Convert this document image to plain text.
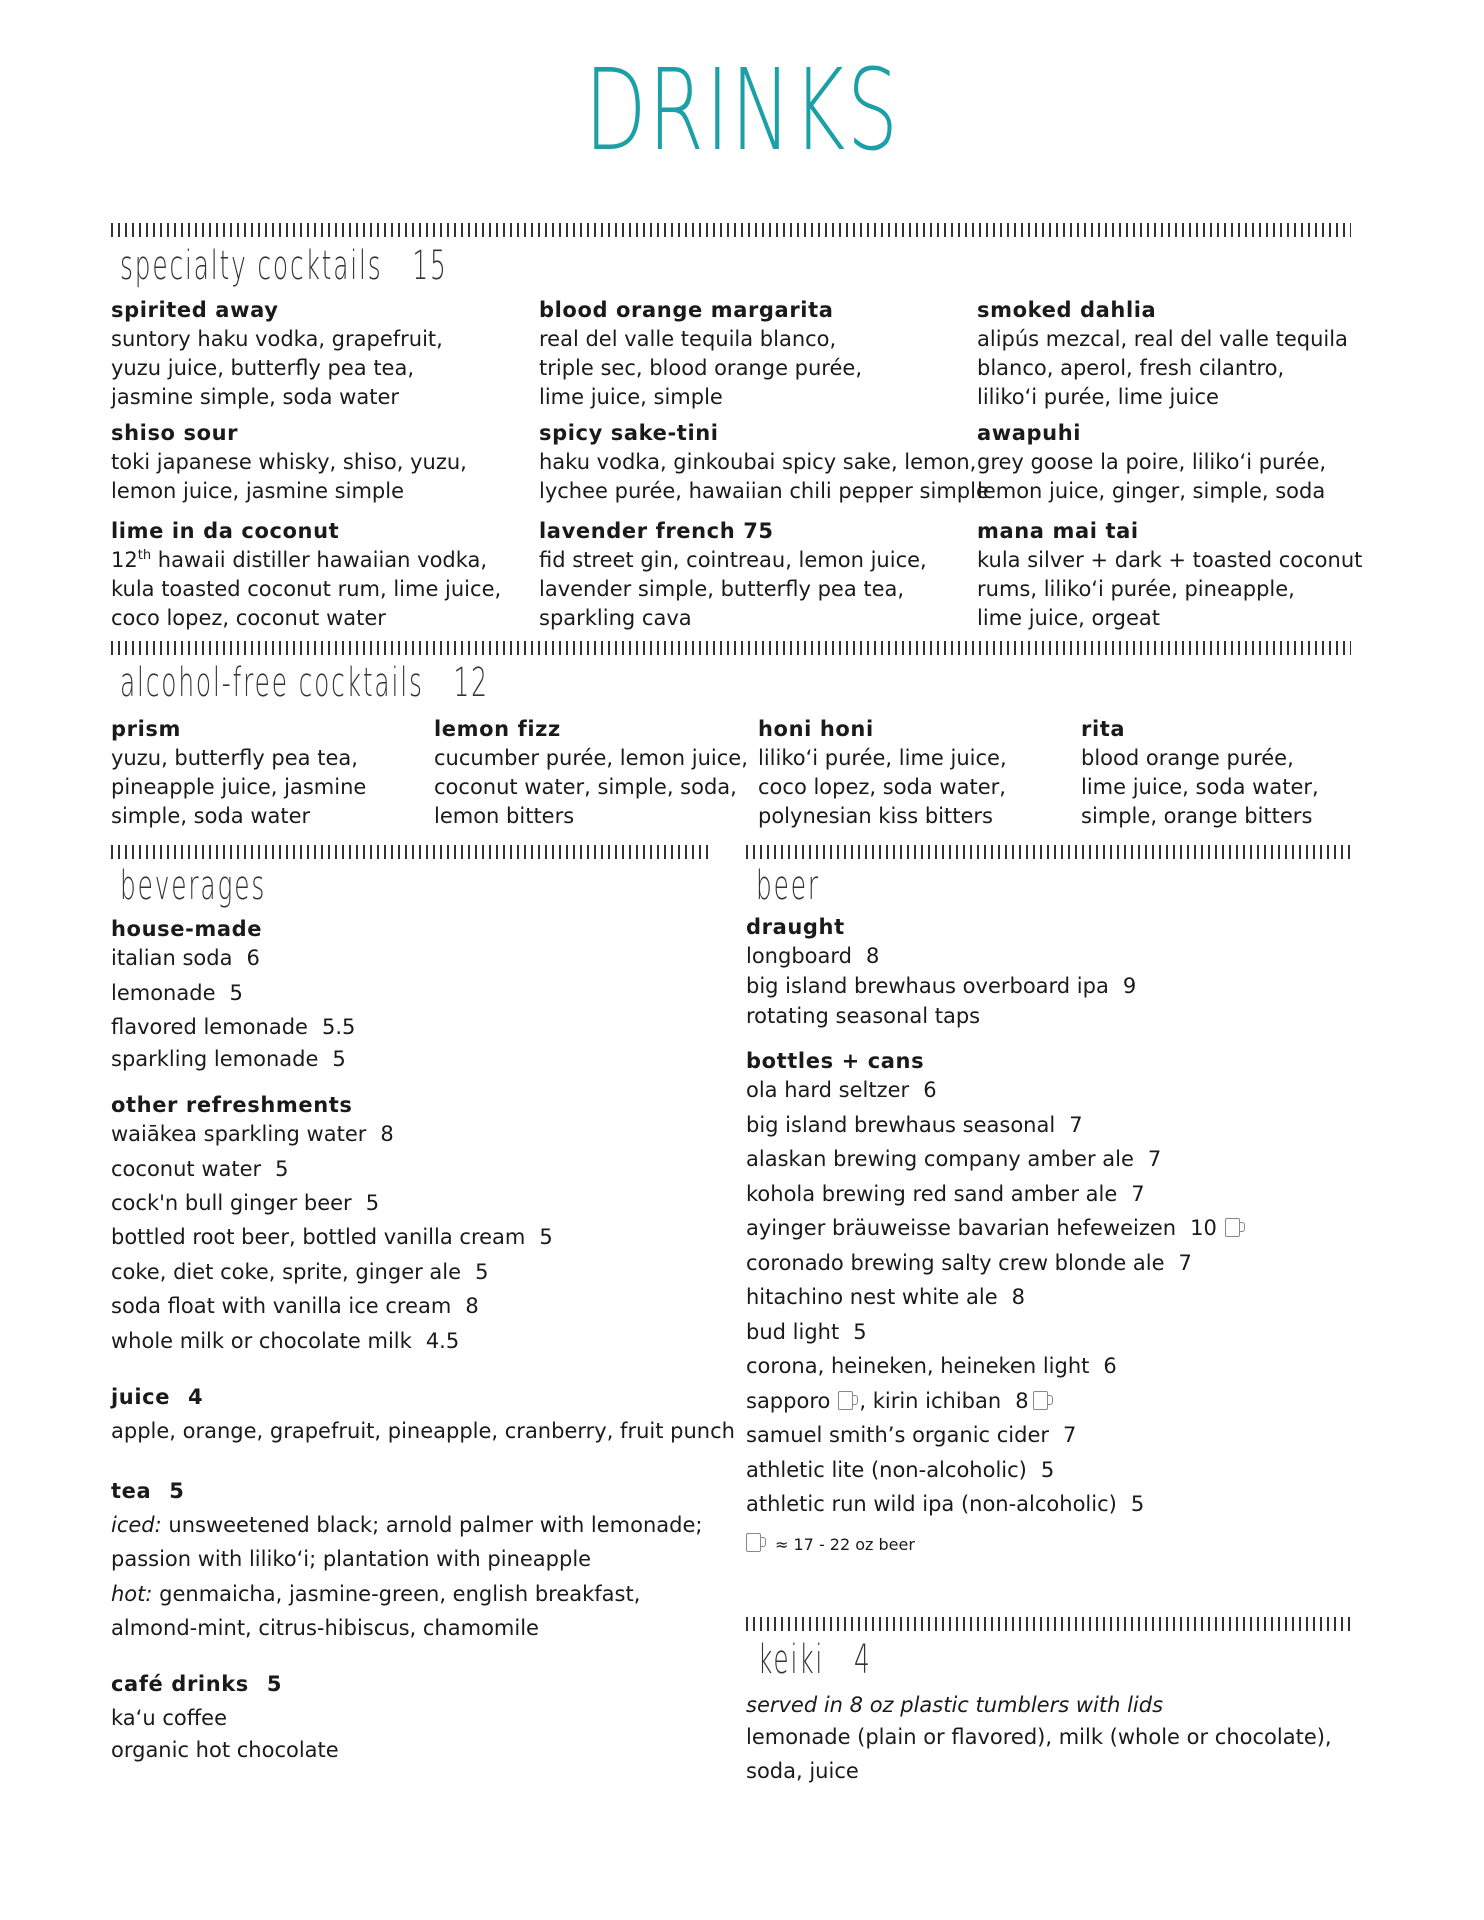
DRINKS
specialty cocktails 15
spirited away
suntory haku vodka, grapefruit,
yuzu juice, butterfly pea tea,
jasmine simple, soda water
blood orange margarita
real del valle tequila blanco,
triple sec, blood orange purée,
lime juice, simple
smoked dahlia
alipús mezcal, real del valle tequila
blanco, aperol, fresh cilantro,
liliko‘i purée, lime juice
shiso sour
toki japanese whisky, shiso, yuzu,
lemon juice, jasmine simple
spicy sake-tini
haku vodka, ginkoubai spicy sake, lemon,
lychee purée, hawaiian chili pepper simple
awapuhi
grey goose la poire, liliko‘i purée,
lemon juice, ginger, simple, soda
lime in da coconut
12th hawaii distiller hawaiian vodka,
kula toasted coconut rum, lime juice,
coco lopez, coconut water
lavender french 75
fid street gin, cointreau, lemon juice,
lavender simple, butterfly pea tea,
sparkling cava
mana mai tai
kula silver + dark + toasted coconut
rums, liliko‘i purée, pineapple,
lime juice, orgeat
alcohol-free cocktails 12
prism
yuzu, butterfly pea tea,
pineapple juice, jasmine
simple, soda water
lemon fizz
cucumber purée, lemon juice,
coconut water, simple, soda,
lemon bitters
honi honi
liliko‘i purée, lime juice,
coco lopez, soda water,
polynesian kiss bitters
rita
blood orange purée,
lime juice, soda water,
simple, orange bitters
beverages	beer
house-made
italian soda 6
lemonade 5
flavored lemonade 5.5
sparkling lemonade 5
other refreshments
waiākea sparkling water 8
coconut water 5
cock'n bull ginger beer 5
bottled root beer, bottled vanilla cream 5
coke, diet coke, sprite, ginger ale 5
soda float with vanilla ice cream 8
whole milk or chocolate milk 4.5
juice 4
apple, orange, grapefruit, pineapple, cranberry, fruit punch
tea 5
iced: unsweetened black; arnold palmer with lemonade;
passion with liliko‘i; plantation with pineapple
hot: genmaicha, jasmine-green, english breakfast,
almond-mint, citrus-hibiscus, chamomile
café drinks 5
ka‘u coffee
organic hot chocolate
draught
longboard 8
big island brewhaus overboard ipa 9
rotating seasonal taps
bottles + cans
ola hard seltzer 6
big island brewhaus seasonal 7
alaskan brewing company amber ale 7
kohola brewing red sand amber ale 7
ayinger bräuweisse bavarian hefeweizen 10
coronado brewing salty crew blonde ale 7
hitachino nest white ale 8
bud light 5
corona, heineken, heineken light 6
sapporo , kirin ichiban 8
samuel smith’s organic cider 7
athletic lite (non-alcoholic) 5
athletic run wild ipa (non-alcoholic) 5
≈ 17 - 22 oz beer
keiki 4
served in 8 oz plastic tumblers with lids
lemonade (plain or flavored), milk (whole or chocolate),
soda, juice
